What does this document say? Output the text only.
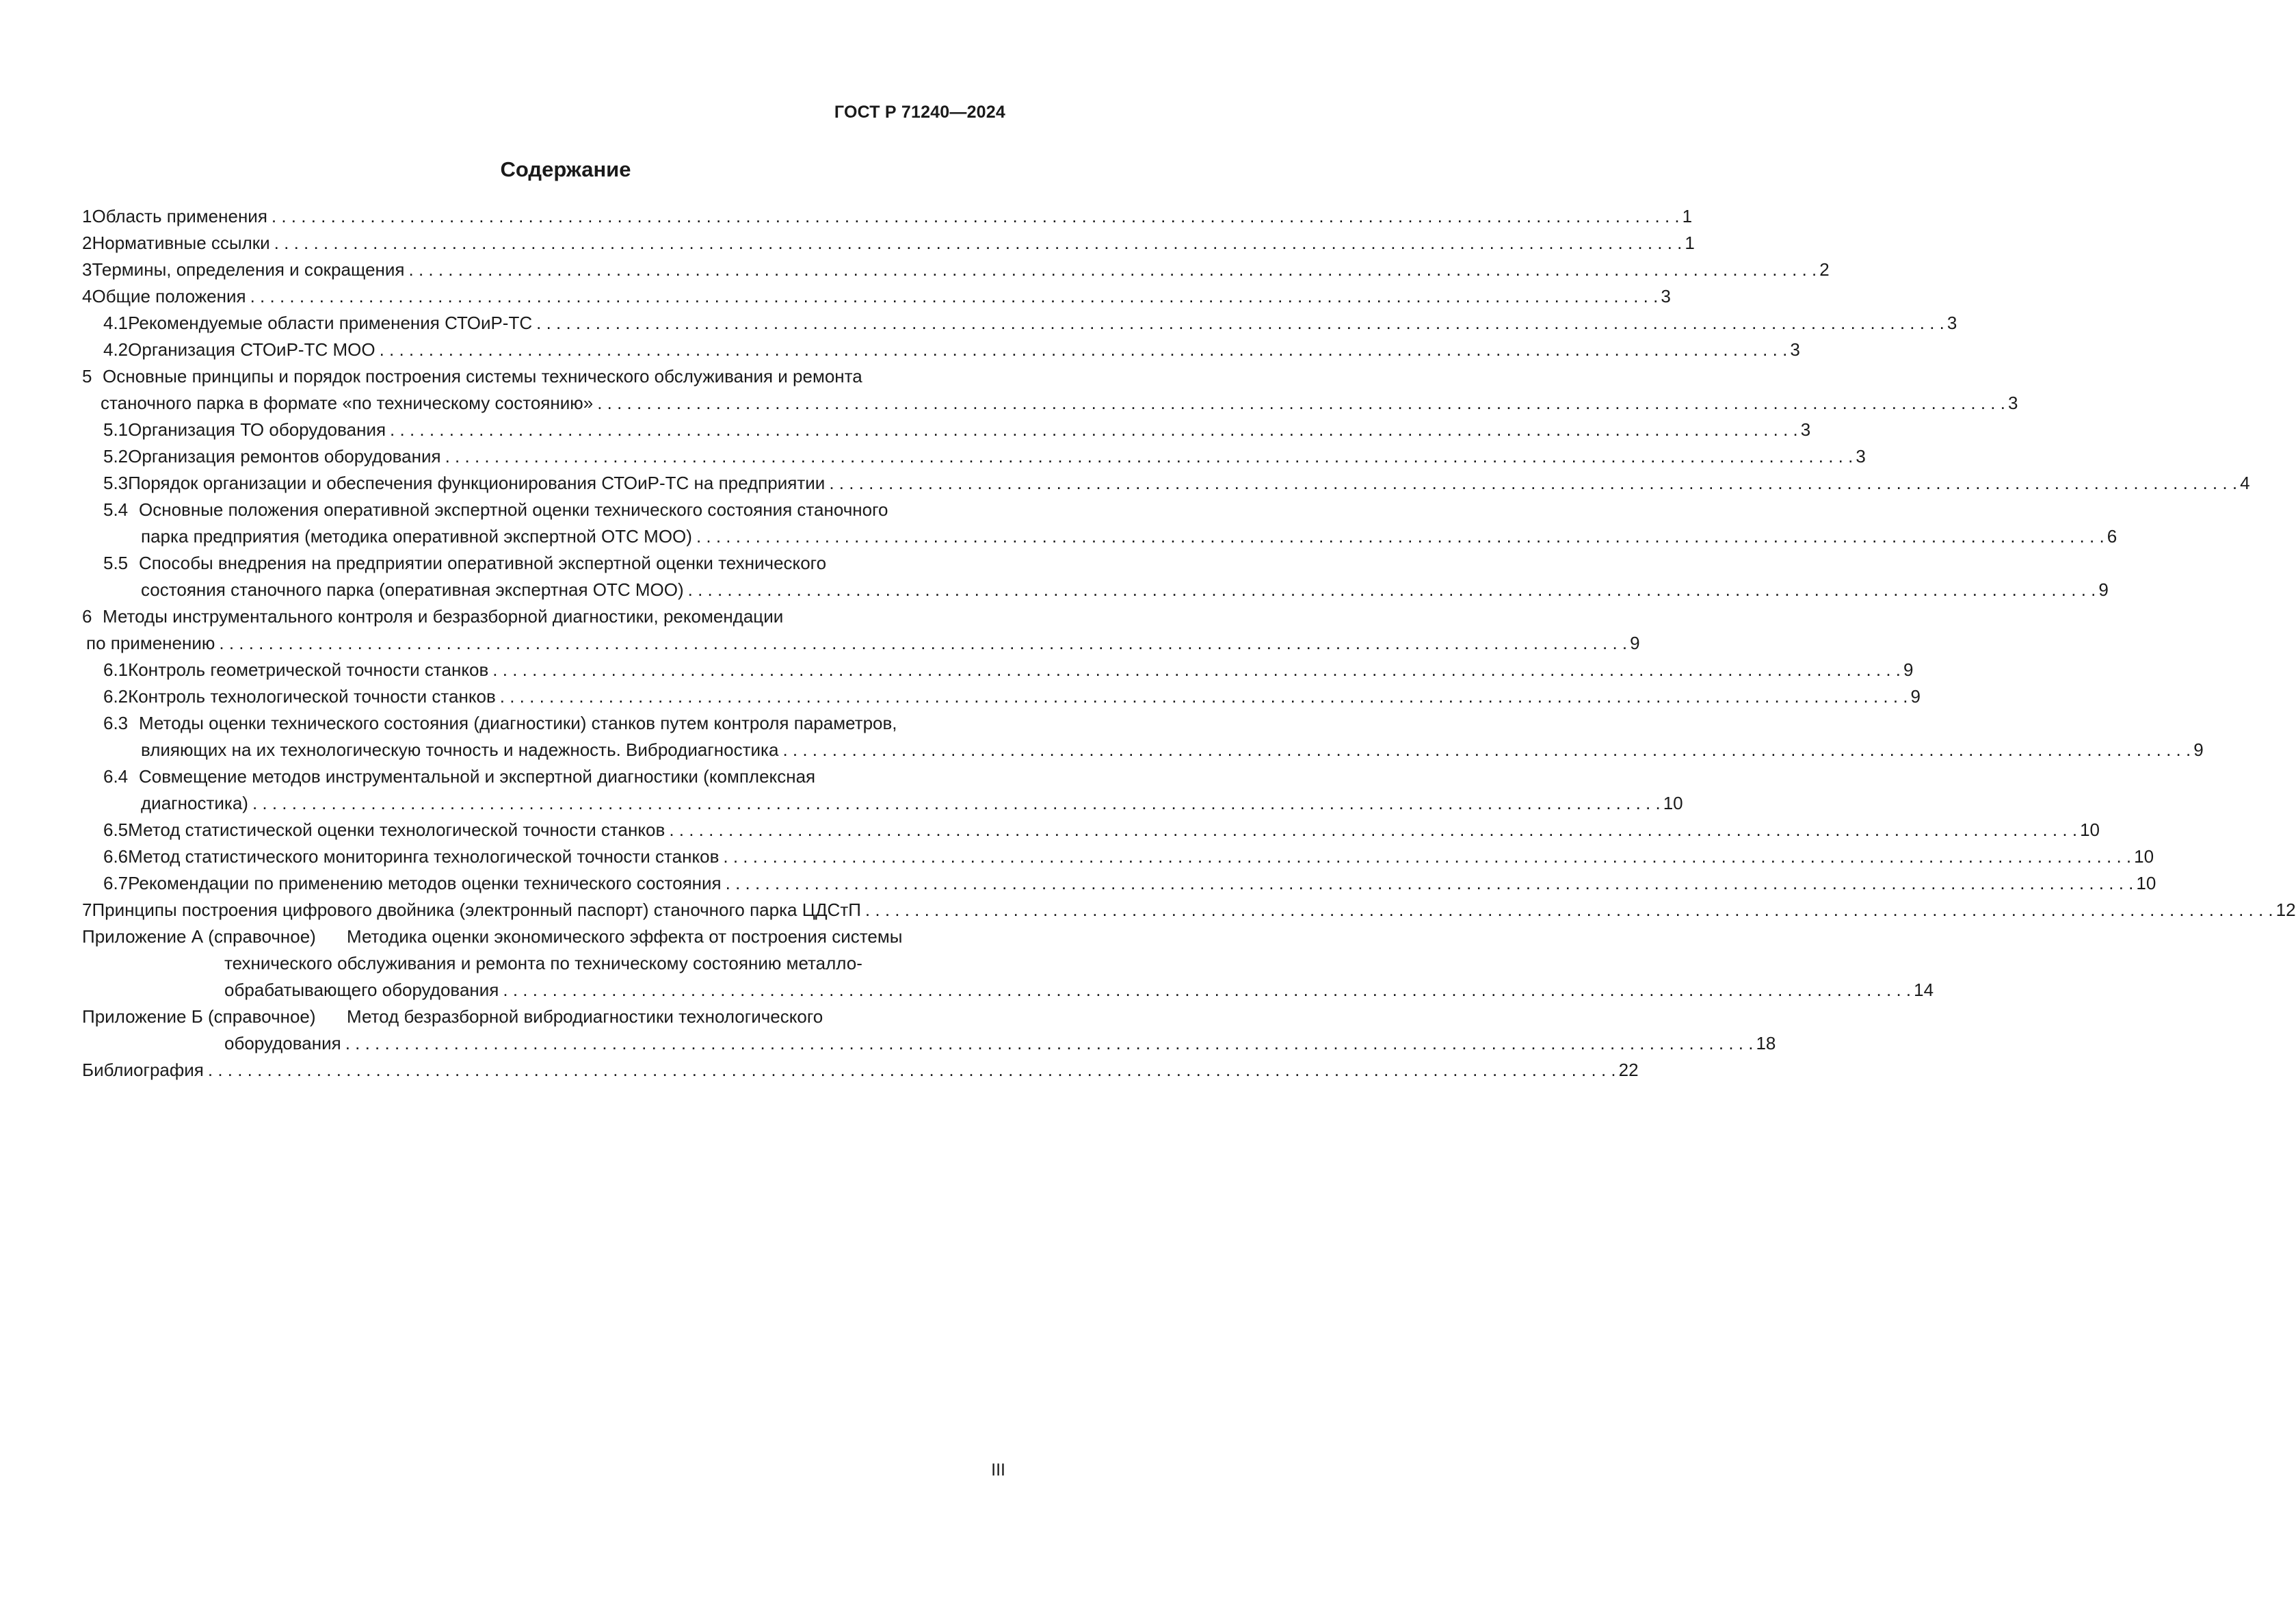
ГОСТ Р 71240—2024
Содержание
1 Область применения . . .	1
2 Нормативные ссылки . . .	1
3 Термины, определения и сокращения . . .	2
4 Общие положения . . .	3
4.1 Рекомендуемые области применения СТОиР-ТС . . .	3
4.2 Организация СТОиР-ТС МОО . . .	3
5 Основные принципы и порядок построения системы технического обслуживания и ремонта
станочного парка в формате «по техническому состоянию» . . .	3
5.1 Организация ТО оборудования . . .	3
5.2 Организация ремонтов оборудования . . .	3
5.3 Порядок организации и обеспечения функционирования СТОиР-ТС на предприятии . . .	4
5.4 Основные положения оперативной экспертной оценки технического состояния станочного
парка предприятия (методика оперативной экспертной ОТС МОО) . . .	6
5.5 Способы внедрения на предприятии оперативной экспертной оценки технического
состояния станочного парка (оперативная экспертная ОТС МОО) . . .	9
6 Методы инструментального контроля и безразборной диагностики, рекомендации
по применению . . .	9
6.1 Контроль геометрической точности станков . . .	9
6.2 Контроль технологической точности станков . . .	9
6.3 Методы оценки технического состояния (диагностики) станков путем контроля параметров,
влияющих на их технологическую точность и надежность. Вибродиагностика . . .	9
6.4 Совмещение методов инструментальной и экспертной диагностики (комплексная
диагностика) . . .	10
6.5 Метод статистической оценки технологической точности станков . . .	10
6.6 Метод статистического мониторинга технологической точности станков . . .	10
6.7 Рекомендации по применению методов оценки технического состояния . . .	10
7 Принципы построения цифрового двойника (электронный паспорт) станочного парка ЦДСтП . . .	12
Приложение А (справочное)	Методика оценки экономического эффекта от построения системы
технического обслуживания и ремонта по техническому состоянию металло-
обрабатывающего оборудования . . .	14
Приложение Б (справочное)	Метод безразборной вибродиагностики технологического
оборудования . . .	18
Библиография . . .	22
III
